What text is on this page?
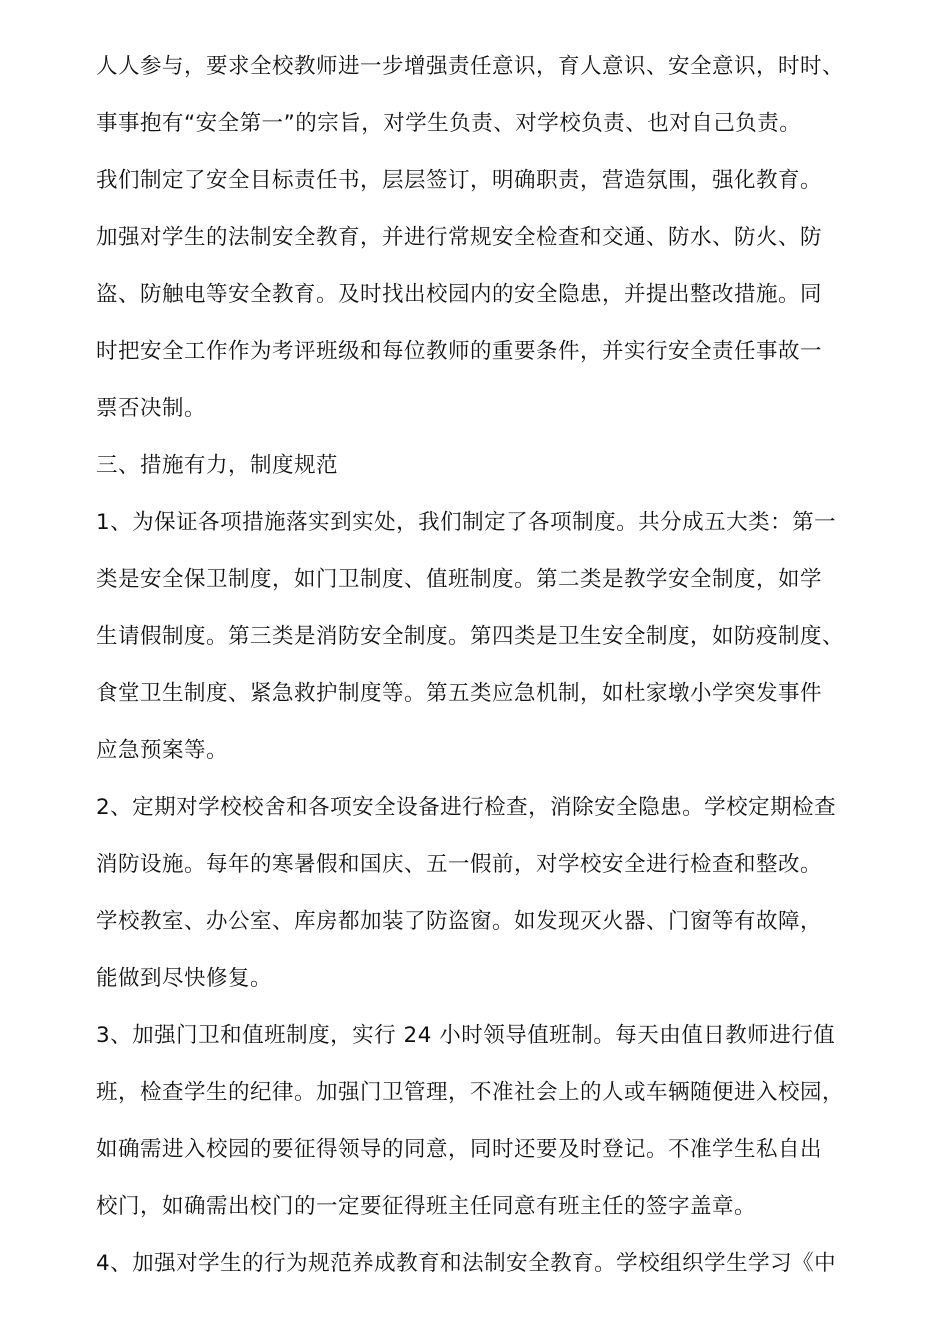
人人参与，要求全校教师进一步增强责任意识，育人意识、安全意识，时时、
事事抱有“安全第一”的宗旨，对学生负责、对学校负责、也对自己负责。
我们制定了安全目标责任书，层层签订，明确职责，营造氛围，强化教育。
加强对学生的法制安全教育，并进行常规安全检查和交通、防水、防火、防
盗、防触电等安全教育。及时找出校园内的安全隐患，并提出整改措施。同
时把安全工作作为考评班级和每位教师的重要条件，并实行安全责任事故一
票否决制。
三、措施有力，制度规范
1、为保证各项措施落实到实处，我们制定了各项制度。共分成五大类：第一
类是安全保卫制度，如门卫制度、值班制度。第二类是教学安全制度，如学
生请假制度。第三类是消防安全制度。第四类是卫生安全制度，如防疫制度、
食堂卫生制度、紧急救护制度等。第五类应急机制，如杜家墩小学突发事件
应急预案等。
2、定期对学校校舍和各项安全设备进行检查，消除安全隐患。学校定期检查
消防设施。每年的寒暑假和国庆、五一假前，对学校安全进行检查和整改。
学校教室、办公室、库房都加装了防盗窗。如发现灭火器、门窗等有故障，
能做到尽快修复。
3、加强门卫和值班制度，实行 24 小时领导值班制。每天由值日教师进行值
班，检查学生的纪律。加强门卫管理，不准社会上的人或车辆随便进入校园，
如确需进入校园的要征得领导的同意，同时还要及时登记。不准学生私自出
校门，如确需出校门的一定要征得班主任同意有班主任的签字盖章。
4、加强对学生的行为规范养成教育和法制安全教育。学校组织学生学习《中
